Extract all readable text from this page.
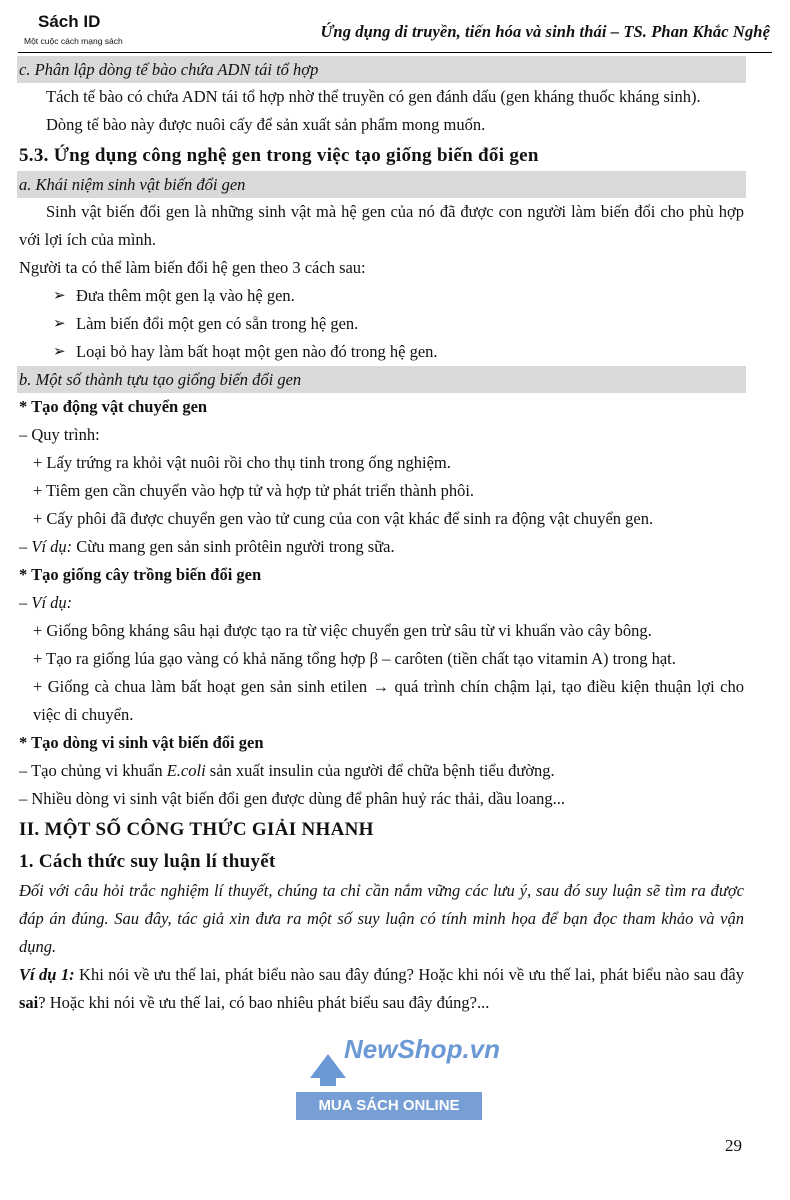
Sách ID
Một cuộc cách mạng sách	Ứng dụng di truyền, tiến hóa và sinh thái – TS. Phan Khắc Nghệ
c. Phân lập dòng tế bào chứa ADN tái tổ hợp

Tách tế bào có chứa ADN tái tổ hợp nhờ thể truyền có gen đánh dấu (gen kháng thuốc kháng sinh).

Dòng tế bào này được nuôi cấy để sản xuất sản phẩm mong muốn.

5.3. Ứng dụng công nghệ gen trong việc tạo giống biến đổi gen
a. Khái niệm sinh vật biến đổi gen

Sinh vật biến đổi gen là những sinh vật mà hệ gen của nó đã được con người làm biến đổi cho phù hợp với lợi ích của mình.

Người ta có thể làm biến đổi hệ gen theo 3 cách sau:

➢ Đưa thêm một gen lạ vào hệ gen.
➢ Làm biến đổi một gen có sẵn trong hệ gen.
➢ Loại bỏ hay làm bất hoạt một gen nào đó trong hệ gen.
b. Một số thành tựu tạo giống biến đổi gen

* Tạo động vật chuyển gen

– Quy trình:

+ Lấy trứng ra khỏi vật nuôi rồi cho thụ tinh trong ống nghiệm.

+ Tiêm gen cần chuyển vào hợp tử và hợp tử phát triển thành phôi.

+ Cấy phôi đã được chuyển gen vào tử cung của con vật khác để sinh ra động vật chuyển gen.

– Ví dụ: Cừu mang gen sản sinh prôtêin người trong sữa.

* Tạo giống cây trồng biến đổi gen

– Ví dụ:

+ Giống bông kháng sâu hại được tạo ra từ việc chuyển gen trừ sâu từ vi khuẩn vào cây bông.

+ Tạo ra giống lúa gạo vàng có khả năng tổng hợp β – carôten (tiền chất tạo vitamin A) trong hạt.

+ Giống cà chua làm bất hoạt gen sản sinh etilen → quá trình chín chậm lại, tạo điều kiện thuận lợi cho việc di chuyển.

* Tạo dòng vi sinh vật biến đổi gen

– Tạo chủng vi khuẩn E.coli sản xuất insulin của người để chữa bệnh tiểu đường.

– Nhiều dòng vi sinh vật biến đổi gen được dùng để phân huỷ rác thải, dầu loang...

II. MỘT SỐ CÔNG THỨC GIẢI NHANH
1. Cách thức suy luận lí thuyết

Đối với câu hỏi trắc nghiệm lí thuyết, chúng ta chỉ cần nắm vững các lưu ý, sau đó suy luận sẽ tìm ra được đáp án đúng. Sau đây, tác giả xin đưa ra một số suy luận có tính minh họa để bạn đọc tham khảo và vận dụng.

Ví dụ 1: Khi nói về ưu thế lai, phát biểu nào sau đây đúng? Hoặc khi nói về ưu thế lai, phát biểu nào sau đây sai? Hoặc khi nói về ưu thế lai, có bao nhiêu phát biểu sau đây đúng?...

NewShop.vn
MUA SÁCH ONLINE
29
